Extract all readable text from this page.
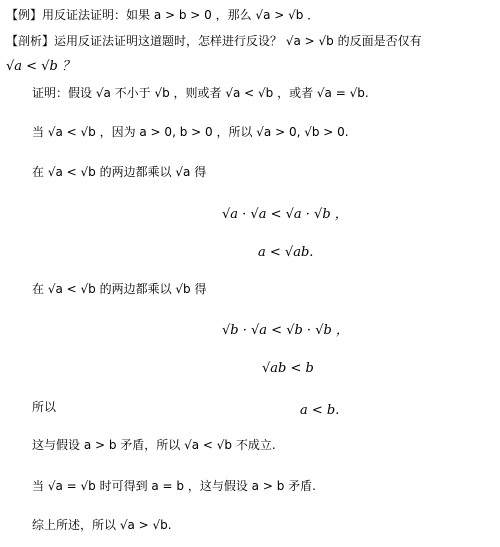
【例】用反证法证明：如果 a > b > 0 ，那么 √a > √b ．
【剖析】运用反证法证明这道题时，怎样进行反设？ √a > √b 的反面是否仅有
√a < √b ？
证明：假设 √a 不小于 √b ，则或者 √a < √b ，或者 √a = √b.
当 √a < √b ，因为 a > 0, b > 0 ，所以 √a > 0, √b > 0.
在 √a < √b 的两边都乘以 √a 得
√a · √a < √a · √b ，
a < √ab.
在 √a < √b 的两边都乘以 √b 得
√b · √a < √b · √b ，
√ab < b
所以	a < b.
这与假设 a > b 矛盾，所以 √a < √b 不成立.
当 √a = √b 时可得到 a = b ，这与假设 a > b 矛盾.
综上所述，所以 √a > √b.
